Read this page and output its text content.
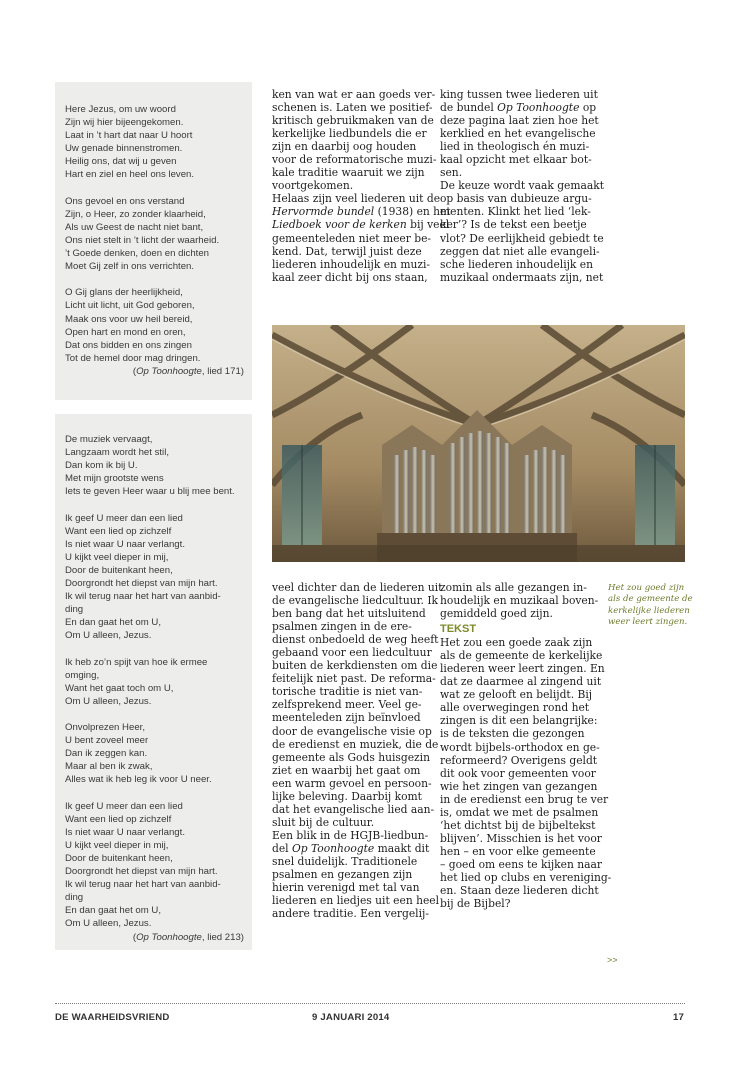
Here Jezus, om uw woord
Zijn wij hier bijeengekomen.
Laat in ’t hart dat naar U hoort
Uw genade binnenstromen.
Heilig ons, dat wij u geven
Hart en ziel en heel ons leven.
Ons gevoel en ons verstand
Zijn, o Heer, zo zonder klaarheid,
Als uw Geest de nacht niet bant,
Ons niet stelt in ’t licht der waarheid.
’t Goede denken, doen en dichten
Moet Gij zelf in ons verrichten.
O Gij glans der heerlijkheid,
Licht uit licht, uit God geboren,
Maak ons voor uw heil bereid,
Open hart en mond en oren,
Dat ons bidden en ons zingen
Tot de hemel door mag dringen.
(Op Toonhoogte, lied 171)
De muziek vervaagt,
Langzaam wordt het stil,
Dan kom ik bij U.
Met mijn grootste wens
Iets te geven Heer waar u blij mee bent.
Ik geef U meer dan een lied
Want een lied op zichzelf
Is niet waar U naar verlangt.
U kijkt veel dieper in mij,
Door de buitenkant heen,
Doorgrondt het diepst van mijn hart.
Ik wil terug naar het hart van aanbid-
ding
En dan gaat het om U,
Om U alleen, Jezus.
Ik heb zo’n spijt van hoe ik ermee
omging,
Want het gaat toch om U,
Om U alleen, Jezus.
Onvolprezen Heer,
U bent zoveel meer
Dan ik zeggen kan.
Maar al ben ik zwak,
Alles wat ik heb leg ik voor U neer.
Ik geef U meer dan een lied
Want een lied op zichzelf
Is niet waar U naar verlangt.
U kijkt veel dieper in mij,
Door de buitenkant heen,
Doorgrondt het diepst van mijn hart.
Ik wil terug naar het hart van aanbid-
ding
En dan gaat het om U,
Om U alleen, Jezus.
(Op Toonhoogte, lied 213)
ken van wat er aan goeds ver-
schenen is. Laten we positief-
kritisch gebruikmaken van de
kerkelijke liedbundels die er
zijn en daarbij oog houden
voor de reformatorische muzi-
kale traditie waaruit we zijn
voortgekomen.
Helaas zijn veel liederen uit de
Hervormde bundel (1938) en het
Liedboek voor de kerken bij veel
gemeenteleden niet meer be-
kend. Dat, terwijl juist deze
liederen inhoudelijk en muzi-
kaal zeer dicht bij ons staan,
king tussen twee liederen uit
de bundel Op Toonhoogte op
deze pagina laat zien hoe het
kerklied en het evangelische
lied in theologisch én muzi-
kaal opzicht met elkaar bot-
sen.
De keuze wordt vaak gemaakt
op basis van dubieuze argu-
menten. Klinkt het lied ‘lek-
ker’? Is de tekst een beetje
vlot? De eerlijkheid gebiedt te
zeggen dat niet alle evangeli-
sche liederen inhoudelijk en
muzikaal ondermaats zijn, net
veel dichter dan de liederen uit
de evangelische liedcultuur. Ik
ben bang dat het uitsluitend
psalmen zingen in de ere-
dienst onbedoeld de weg heeft
gebaand voor een liedcultuur
buiten de kerkdiensten om die
feitelijk niet past. De reforma-
torische traditie is niet van-
zelfsprekend meer. Veel ge-
meenteleden zijn beïnvloed
door de evangelische visie op
de eredienst en muziek, die de
gemeente als Gods huisgezin
ziet en waarbij het gaat om
een warm gevoel en persoon-
lijke beleving. Daarbij komt
dat het evangelische lied aan-
sluit bij de cultuur.
Een blik in de HGJB-liedbun-
del Op Toonhoogte maakt dit
snel duidelijk. Traditionele
psalmen en gezangen zijn
hierin verenigd met tal van
liederen en liedjes uit een heel
andere traditie. Een vergelij-
zomin als alle gezangen in-
houdelijk en muzikaal boven-
gemiddeld goed zijn.
TEKST
Het zou een goede zaak zijn
als de gemeente de kerkelijke
liederen weer leert zingen. En
dat ze daarmee al zingend uit
wat ze gelooft en belijdt. Bij
alle overwegingen rond het
zingen is dit een belangrijke:
is de teksten die gezongen
wordt bijbels-orthodox en ge-
reformeerd? Overigens geldt
dit ook voor gemeenten voor
wie het zingen van gezangen
in de eredienst een brug te ver
is, omdat we met de psalmen
‘het dichtst bij de bijbeltekst
blijven’. Misschien is het voor
hen – en voor elke gemeente
– goed om eens te kijken naar
het lied op clubs en vereniging-
en. Staan deze liederen dicht
bij de Bijbel?
Het zou goed zijn
als de gemeente de
kerkelijke liederen
weer leert zingen.
>>
DE WAARHEIDSVRIEND	9 JANUARI 2014	17
